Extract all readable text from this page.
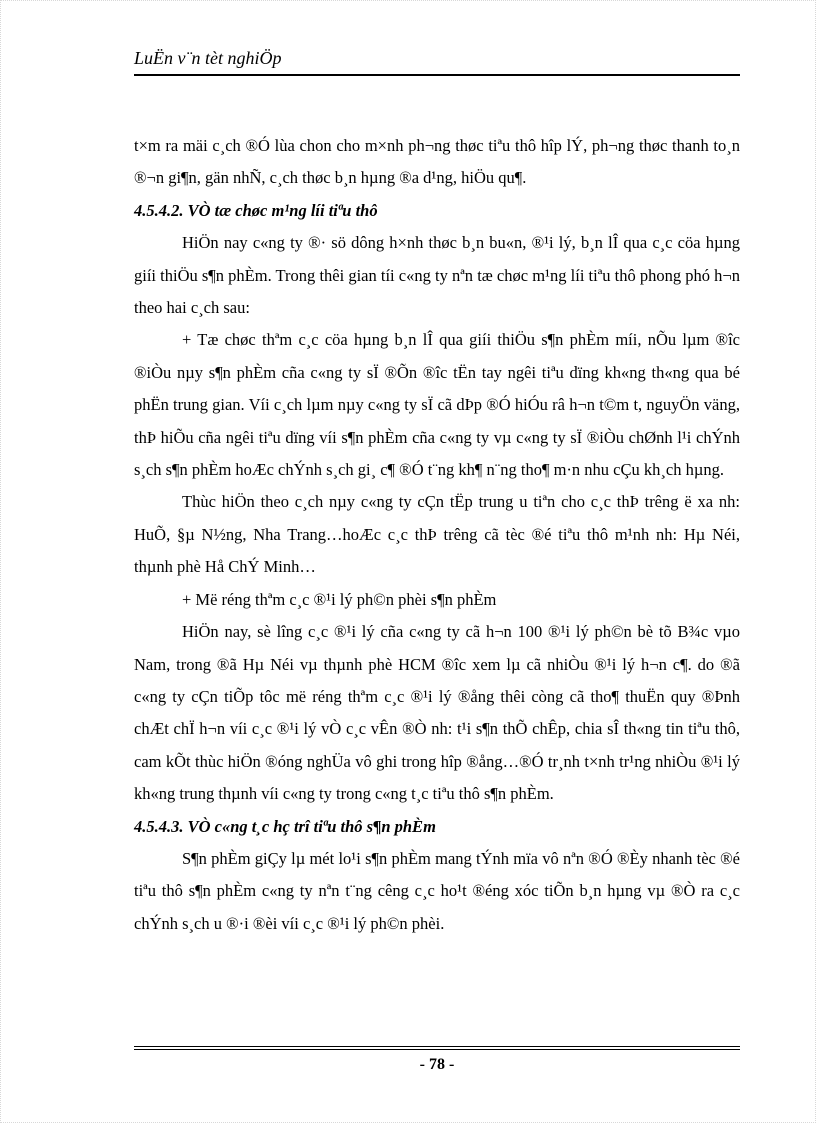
LuËn v¨n tèt nghiÖp

t×m ra mäi c¸ch ®Ó lùa chon cho m×nh ph¬ng thøc tiªu thô hîp lÝ, ph¬ng thøc thanh to¸n ®¬n gi¶n, gän nhÑ, c¸ch thøc b¸n hµng ®a d¹ng, hiÖu qu¶.

4.5.4.2. VÒ tæ chøc m¹ng líi tiªu thô

HiÖn nay c«ng ty ®· sö dông h×nh thøc b¸n bu«n, ®¹i lý, b¸n lÎ qua c¸c cöa hµng giíi thiÖu s¶n phÈm. Trong thêi gian tíi c«ng ty nªn tæ chøc m¹ng líi tiªu thô phong phó h¬n theo hai c¸ch sau:

+ Tæ chøc thªm c¸c cöa hµng b¸n lÎ qua giíi thiÖu s¶n phÈm míi, nÕu lµm ®îc ®iÒu nµy s¶n phÈm cña c«ng ty sÏ ®Õn ®îc tËn tay ngêi tiªu dïng kh«ng th«ng qua bé phËn trung gian. Víi c¸ch lµm nµy c«ng ty sÏ cã dÞp ®Ó hiÓu râ h¬n t©m t, nguyÖn väng, thÞ hiÕu cña ngêi tiªu dïng víi s¶n phÈm cña c«ng ty vµ c«ng ty sÏ ®iÒu chØnh l¹i chÝnh s¸ch s¶n phÈm hoÆc chÝnh s¸ch gi¸ c¶ ®Ó t¨ng kh¶ n¨ng tho¶ m·n nhu cÇu kh¸ch hµng.

Thùc hiÖn theo c¸ch nµy c«ng ty cÇn tËp trung u tiªn cho c¸c thÞ trêng ë xa nh: HuÕ, §µ N½ng, Nha Trang…hoÆc c¸c thÞ trêng cã tèc ®é tiªu thô m¹nh nh: Hµ Néi, thµnh phè Hå ChÝ Minh…

+ Më réng thªm c¸c ®¹i lý ph©n phèi s¶n phÈm

HiÖn nay, sè lîng c¸c ®¹i lý cña c«ng ty cã h¬n 100 ®¹i lý ph©n bè tõ B¾c vµo Nam, trong ®ã Hµ Néi vµ thµnh phè HCM ®îc xem lµ cã nhiÒu ®¹i lý h¬n c¶. do ®ã c«ng ty cÇn tiÕp tôc më réng thªm c¸c ®¹i lý ®ång thêi còng cã tho¶ thuËn quy ®Þnh chÆt chÏ h¬n víi c¸c ®¹i lý vÒ c¸c vÊn ®Ò nh: t¹i s¶n thÕ chÊp, chia sÎ th«ng tin tiªu thô, cam kÕt thùc hiÖn ®óng nghÜa vô ghi trong hîp ®ång…®Ó tr¸nh t×nh tr¹ng nhiÒu ®¹i lý kh«ng trung thµnh víi c«ng ty trong c«ng t¸c tiªu thô s¶n phÈm.

4.5.4.3. VÒ c«ng t¸c hç trî tiªu thô s¶n phÈm

S¶n phÈm giÇy lµ mét lo¹i s¶n phÈm mang tÝnh mïa vô nªn ®Ó ®Èy nhanh tèc ®é tiªu thô s¶n phÈm c«ng ty nªn t¨ng cêng c¸c ho¹t ®éng xóc tiÕn b¸n hµng vµ ®Ò ra c¸c chÝnh s¸ch u ®·i ®èi víi c¸c ®¹i lý ph©n phèi.

- 78 -
